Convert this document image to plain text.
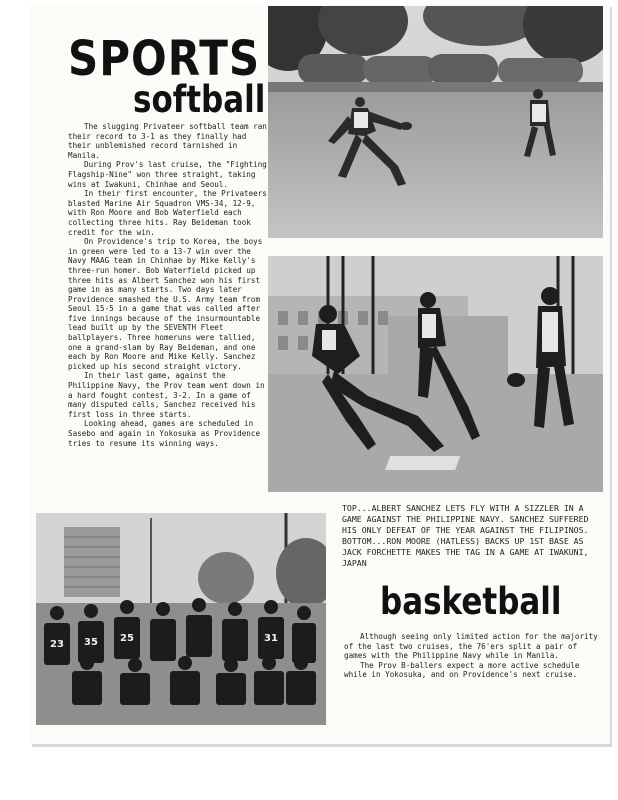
SPORTS
softball

The slugging Privateer softball team ran their record to 3-1 as they finally had their unblemished record tarnished in Manila.

During Prov's last cruise, the "Fighting Flagship-Nine" won three straight, taking wins at Iwakuni, Chinhae and Seoul.

In their first encounter, the Privateers blasted Marine Air Squadron VMS-34, 12-9, with Ron Moore and Bob Waterfield each collecting three hits. Ray Beideman took credit for the win.

On Providence's trip to Korea, the boys in green were led to a 13-7 win over the Navy MAAG team in Chinhae by Mike Kelly's three-run homer. Bob Waterfield picked up three hits as Albert Sanchez won his first game in as many starts. Two days later Providence smashed the U.S. Army team from Seoul 15-5 in a game that was called after five innings because of the insurmountable lead built up by the SEVENTH Fleet ballplayers. Three homeruns were tallied, one a grand-slam by Ray Beideman, and one each by Ron Moore and Mike Kelly. Sanchez picked up his second straight victory.

In their last game, against the Philippine Navy, the Prov team went down in a hard fought contest, 3-2. In a game of many disputed calls, Sanchez received his first loss in three starts.

Looking ahead, games are scheduled in Sasebo and again in Yokosuka as Providence tries to resume its winning ways.

TOP...ALBERT SANCHEZ LETS FLY WITH A SIZZLER IN A GAME AGAINST THE PHILIPPINE NAVY. SANCHEZ SUFFERED HIS ONLY DEFEAT OF THE YEAR AGAINST THE FILIPINOS. BOTTOM...RON MOORE (HATLESS) BACKS UP 1ST BASE AS JACK FORCHETTE MAKES THE TAG IN A GAME AT IWAKUNI, JAPAN

23 35 25	31
basketball

Although seeing only limited action for the majority of the last two cruises, the 76'ers split a pair of games with the Philippine Navy while in Manila.

The Prov B-ballers expect a more active schedule while in Yokosuka, and on Providence's next cruise.
